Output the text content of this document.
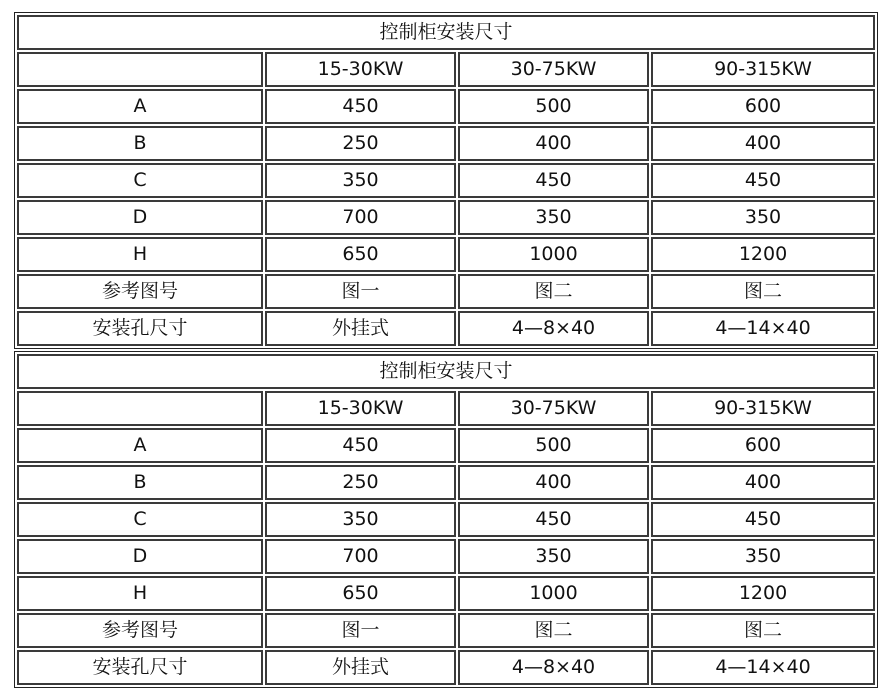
控制柜安装尺寸			
	15-30KW	30-75KW	90-315KW
A	450	500	600
B	250	400	400
C	350	450	450
D	700	350	350
H	650	1000	1200
参考图号	图一	图二	图二
安装孔尺寸	外挂式	4—8×40	4—14×40
控制柜安装尺寸			
	15-30KW	30-75KW	90-315KW
A	450	500	600
B	250	400	400
C	350	450	450
D	700	350	350
H	650	1000	1200
参考图号	图一	图二	图二
安装孔尺寸	外挂式	4—8×40	4—14×40
